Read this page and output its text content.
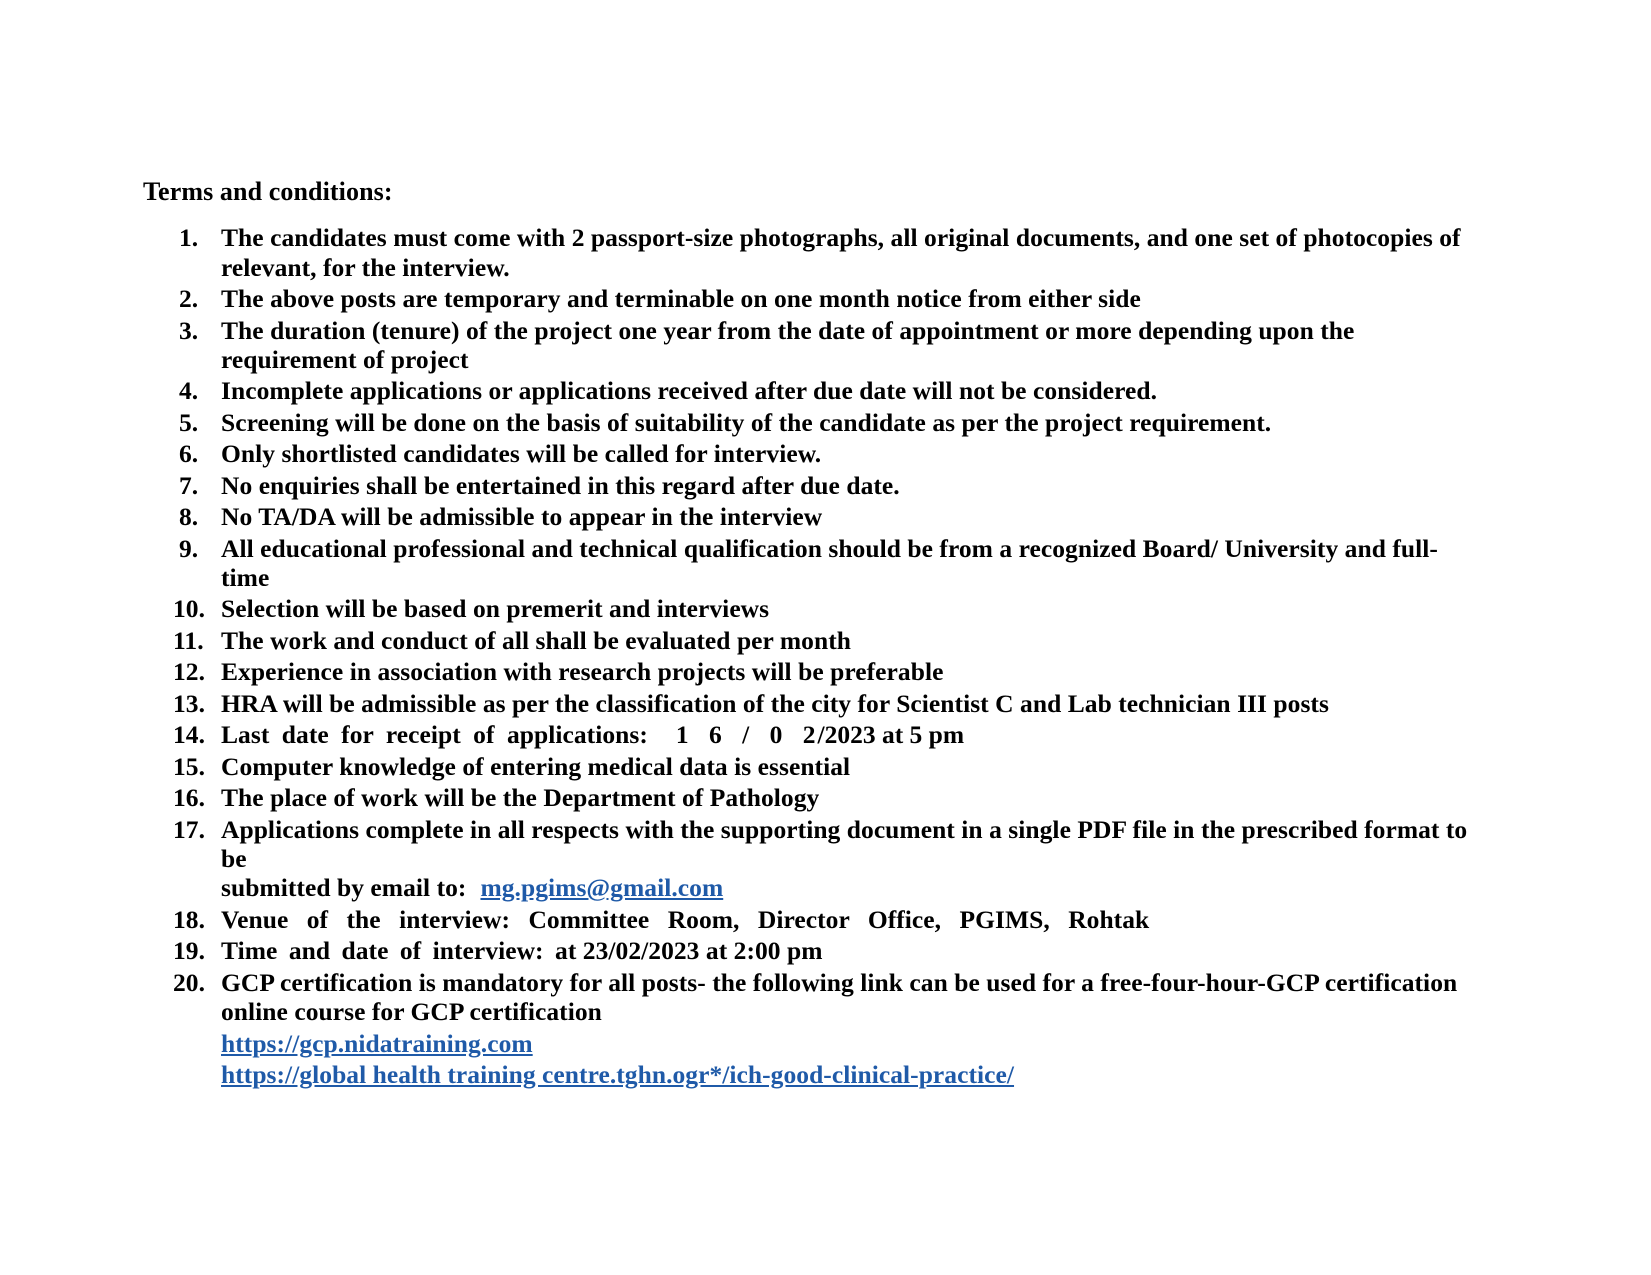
Terms and conditions:
1. The candidates must come with 2 passport-size photographs, all original documents, and one set of photocopies of relevant, for the interview.
2. The above posts are temporary and terminable on one month notice from either side
3. The duration (tenure) of the project one year from the date of appointment or more depending upon the requirement of project
4. Incomplete applications or applications received after due date will not be considered.
5. Screening will be done on the basis of suitability of the candidate as per the project requirement.
6. Only shortlisted candidates will be called for interview.
7. No enquiries shall be entertained in this regard after due date.
8. No TA/DA will be admissible to appear in the interview
9. All educational professional and technical qualification should be from a recognized Board/ University and full-time
10. Selection will be based on premerit and interviews
11. The work and conduct of all shall be evaluated per month
12. Experience in association with research projects will be preferable
13. HRA will be admissible as per the classification of the city for Scientist C and Lab technician III posts
14. Last date for receipt of applications: 1 6 / 0 2/2023 at 5 pm
15. Computer knowledge of entering medical data is essential
16. The place of work will be the Department of Pathology
17. Applications complete in all respects with the supporting document in a single PDF file in the prescribed format to be
submitted by email to: mg.pgims@gmail.com
18. Venue of the interview: Committee Room, Director Office, PGIMS, Rohtak
19. Time and date of interview: at 23/02/2023 at 2:00 pm
20. GCP certification is mandatory for all posts- the following link can be used for a free-four-hour-GCP certification
online course for GCP certification
https://gcp.nidatraining.com
https://global health training centre.tghn.ogr*/ich-good-clinical-practice/
